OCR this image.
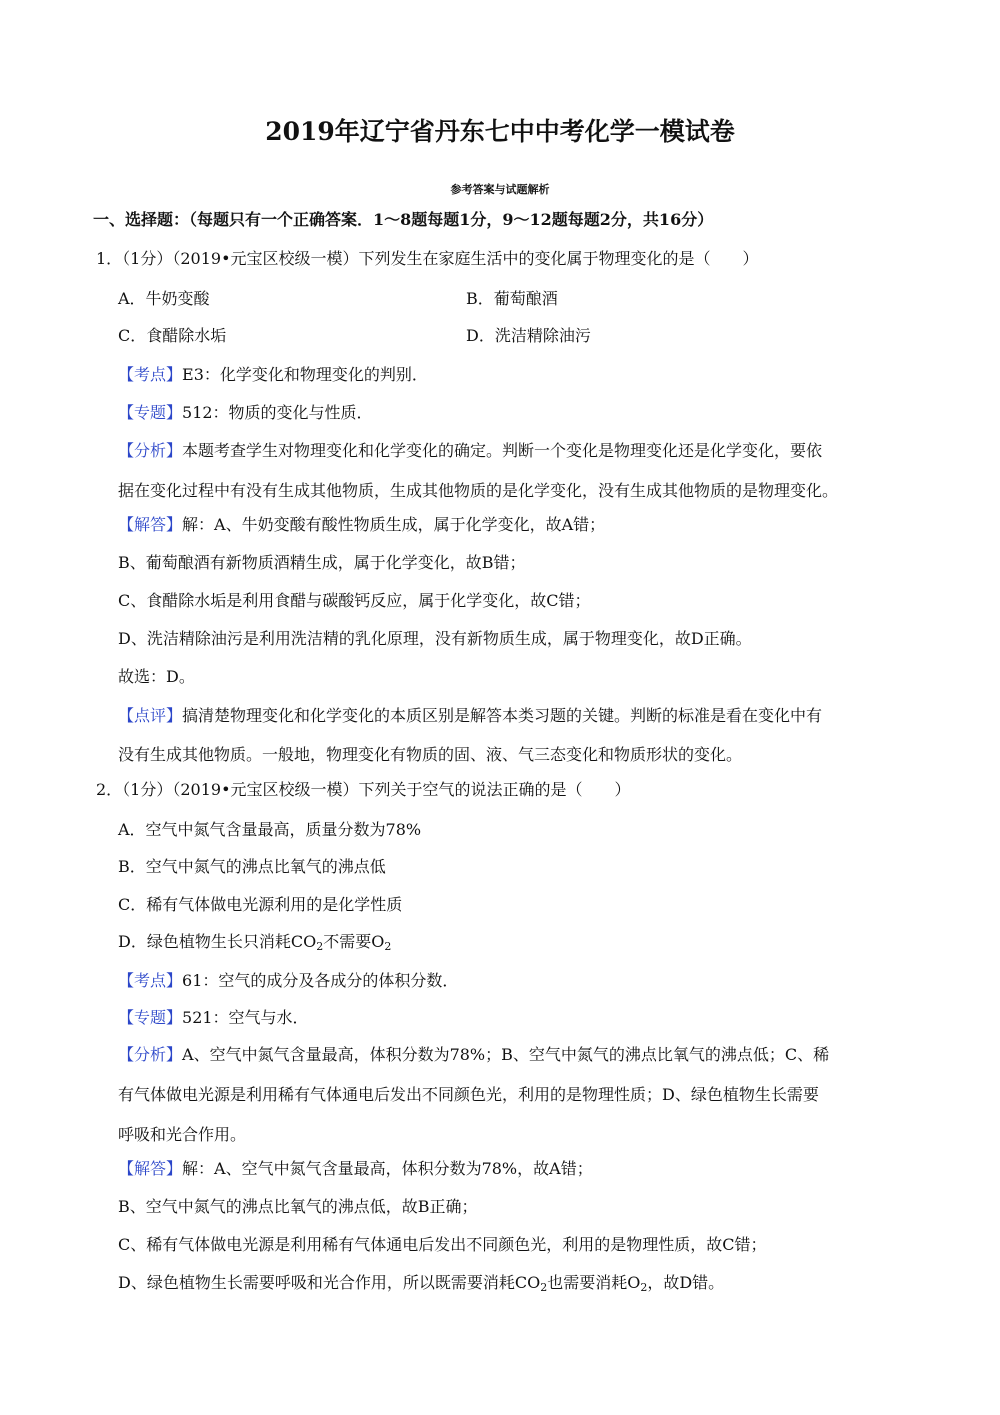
2019年辽宁省丹东七中中考化学一模试卷
参考答案与试题解析
一、选择题：（每题只有一个正确答案．1～8题每题1分，9～12题每题2分，共16分）
1．（1分）（2019•元宝区校级一模）下列发生在家庭生活中的变化属于物理变化的是（　　）
A．牛奶变酸	B．葡萄酿酒
C．食醋除水垢	D．洗洁精除油污
【考点】E3：化学变化和物理变化的判别．
【专题】512：物质的变化与性质．
【分析】本题考查学生对物理变化和化学变化的确定。判断一个变化是物理变化还是化学变化，要依
据在变化过程中有没有生成其他物质，生成其他物质的是化学变化，没有生成其他物质的是物理变化。
【解答】解：A、牛奶变酸有酸性物质生成，属于化学变化，故A错；
B、葡萄酿酒有新物质酒精生成，属于化学变化，故B错；
C、食醋除水垢是利用食醋与碳酸钙反应，属于化学变化，故C错；
D、洗洁精除油污是利用洗洁精的乳化原理，没有新物质生成，属于物理变化，故D正确。
故选：D。
【点评】搞清楚物理变化和化学变化的本质区别是解答本类习题的关键。判断的标准是看在变化中有
没有生成其他物质。一般地，物理变化有物质的固、液、气三态变化和物质形状的变化。
2．（1分）（2019•元宝区校级一模）下列关于空气的说法正确的是（　　）
A．空气中氮气含量最高，质量分数为78%
B．空气中氮气的沸点比氧气的沸点低
C．稀有气体做电光源利用的是化学性质
D．绿色植物生长只消耗$CO_2$不需要$O_2$
【考点】61：空气的成分及各成分的体积分数．
【专题】521：空气与水．
【分析】A、空气中氮气含量最高，体积分数为78%；B、空气中氮气的沸点比氧气的沸点低；C、稀
有气体做电光源是利用稀有气体通电后发出不同颜色光，利用的是物理性质；D、绿色植物生长需要
呼吸和光合作用。
【解答】解：A、空气中氮气含量最高，体积分数为78%，故A错；
B、空气中氮气的沸点比氧气的沸点低，故B正确；
C、稀有气体做电光源是利用稀有气体通电后发出不同颜色光，利用的是物理性质，故C错；
D、绿色植物生长需要呼吸和光合作用，所以既需要消耗$CO_2$也需要消耗$O_2$，故D错。
